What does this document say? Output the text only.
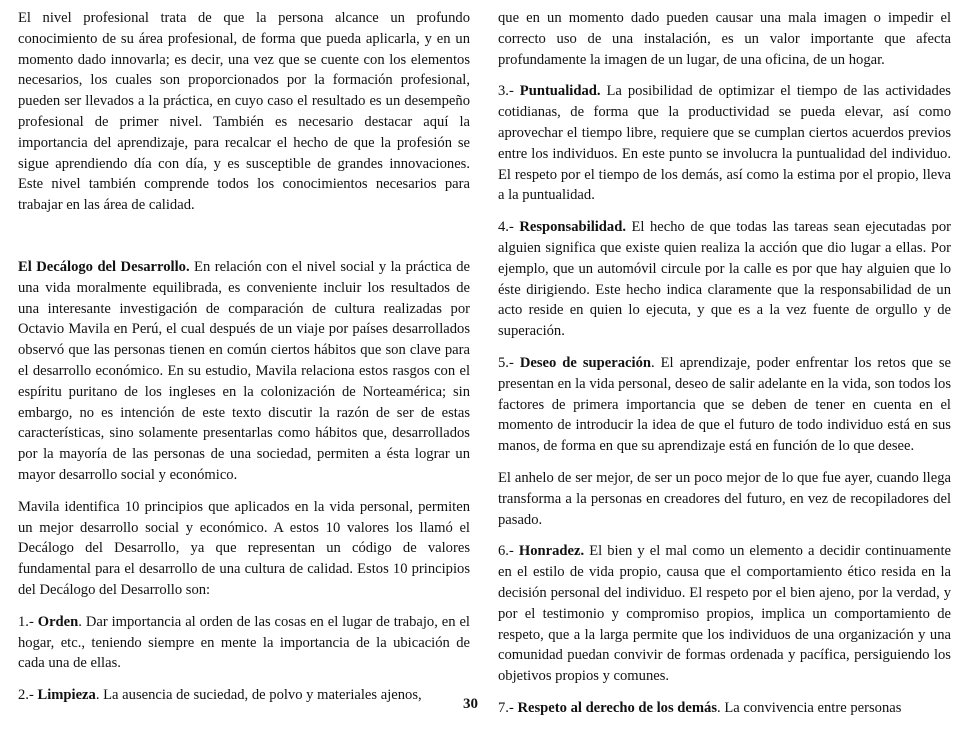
El nivel profesional trata de que la persona alcance un profundo conocimiento de su área profesional, de forma que pueda aplicarla, y en un momento dado innovarla; es decir, una vez que se cuente con los elementos necesarios, los cuales son proporcionados por la formación profesional, pueden ser llevados a la práctica, en cuyo caso el resultado es un desempeño profesional de primer nivel. También es necesario destacar aquí la importancia del aprendizaje, para recalcar el hecho de que la profesión se sigue aprendiendo día con día, y es susceptible de grandes innovaciones. Este nivel también comprende todos los conocimientos necesarios para trabajar en las área de calidad.

El Decálogo del Desarrollo. En relación con el nivel social y la práctica de una vida moralmente equilibrada, es conveniente incluir los resultados de una interesante investigación de comparación de cultura realizadas por Octavio Mavila en Perú, el cual después de un viaje por países desarrollados observó que las personas tienen en común ciertos hábitos que son clave para el desarrollo económico. En su estudio, Mavila relaciona estos rasgos con el espíritu puritano de los ingleses en la colonización de Norteamérica; sin embargo, no es intención de este texto discutir la razón de ser de estas características, sino solamente presentarlas como hábitos que, desarrollados por la mayoría de las personas de una sociedad, permiten a ésta lograr un mayor desarrollo social y económico.

Mavila identifica 10 principios que aplicados en la vida personal, permiten un mejor desarrollo social y económico. A estos 10 valores los llamó el Decálogo del Desarrollo, ya que representan un código de valores fundamental para el desarrollo de una cultura de calidad. Estos 10 principios del Decálogo del Desarrollo son:

1.- Orden. Dar importancia al orden de las cosas en el lugar de trabajo, en el hogar, etc., teniendo siempre en mente la importancia de la ubicación de cada una de ellas.

2.- Limpieza. La ausencia de suciedad, de polvo y materiales ajenos,

que en un momento dado pueden causar una mala imagen o impedir el correcto uso de una instalación, es un valor importante que afecta profundamente la imagen de un lugar, de una oficina, de un hogar.

3.- Puntualidad. La posibilidad de optimizar el tiempo de las actividades cotidianas, de forma que la productividad se pueda elevar, así como aprovechar el tiempo libre, requiere que se cumplan ciertos acuerdos previos entre los individuos. En este punto se involucra la puntualidad del individuo. El respeto por el tiempo de los demás, así como la estima por el propio, lleva a la puntualidad.

4.- Responsabilidad. El hecho de que todas las tareas sean ejecutadas por alguien significa que existe quien realiza la acción que dio lugar a ellas. Por ejemplo, que un automóvil circule por la calle es por que hay alguien que lo éste dirigiendo. Este hecho indica claramente que la responsabilidad de un acto reside en quien lo ejecuta, y que es a la vez fuente de orgullo y de superación.

5.- Deseo de superación. El aprendizaje, poder enfrentar los retos que se presentan en la vida personal, deseo de salir adelante en la vida, son todos los factores de primera importancia que se deben de tener en cuenta en el momento de introducir la idea de que el futuro de todo individuo está en sus manos, de forma en que su aprendizaje está en función de lo que desee.

El anhelo de ser mejor, de ser un poco mejor de lo que fue ayer, cuando llega transforma a la personas en creadores del futuro, en vez de recopiladores del pasado.

6.- Honradez. El bien y el mal como un elemento a decidir continuamente en el estilo de vida propio, causa que el comportamiento ético resida en la decisión personal del individuo. El respeto por el bien ajeno, por la verdad, y por el testimonio y compromiso propios, implica un comportamiento de respeto, que a la larga permite que los individuos de una organización y una comunidad puedan convivir de formas ordenada y pacífica, persiguiendo los objetivos propios y comunes.

7.- Respeto al derecho de los demás. La convivencia entre personas

30
